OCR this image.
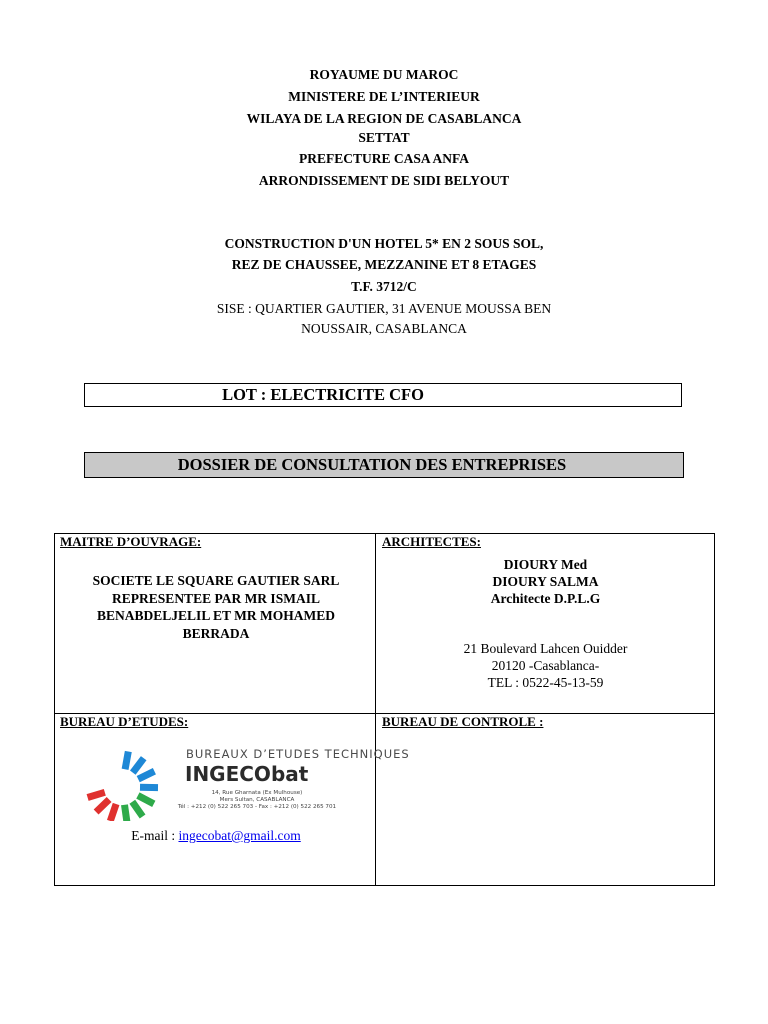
ROYAUME DU MAROC
MINISTERE DE L’INTERIEUR
WILAYA DE LA REGION DE CASABLANCA
SETTAT
PREFECTURE CASA ANFA
ARRONDISSEMENT DE SIDI BELYOUT
CONSTRUCTION D'UN HOTEL 5* EN 2 SOUS SOL,
REZ DE CHAUSSEE, MEZZANINE ET 8 ETAGES
T.F. 3712/C
SISE : QUARTIER GAUTIER, 31 AVENUE MOUSSA BEN
NOUSSAIR, CASABLANCA
LOT : ELECTRICITE CFO
DOSSIER DE CONSULTATION DES ENTREPRISES
MAITRE D’OUVRAGE:
SOCIETE LE SQUARE GAUTIER SARL
REPRESENTEE PAR MR ISMAIL
BENABDELJELIL ET MR MOHAMED
BERRADA
ARCHITECTES:
DIOURY Med
DIOURY SALMA
Architecte D.P.L.G
21 Boulevard Lahcen Ouidder
20120 -Casablanca-
TEL : 0522-45-13-59
BUREAU D’ETUDES:
BUREAUX D’ETUDES TECHNIQUES
INGECObat
14, Rue Gharnata (Ex Mulhouse)
Mers Sultan, CASABLANCA
Tél : +212 (0) 522 265 703 - Fax : +212 (0) 522 265 701
E-mail : ingecobat@gmail.com
BUREAU DE CONTROLE :
